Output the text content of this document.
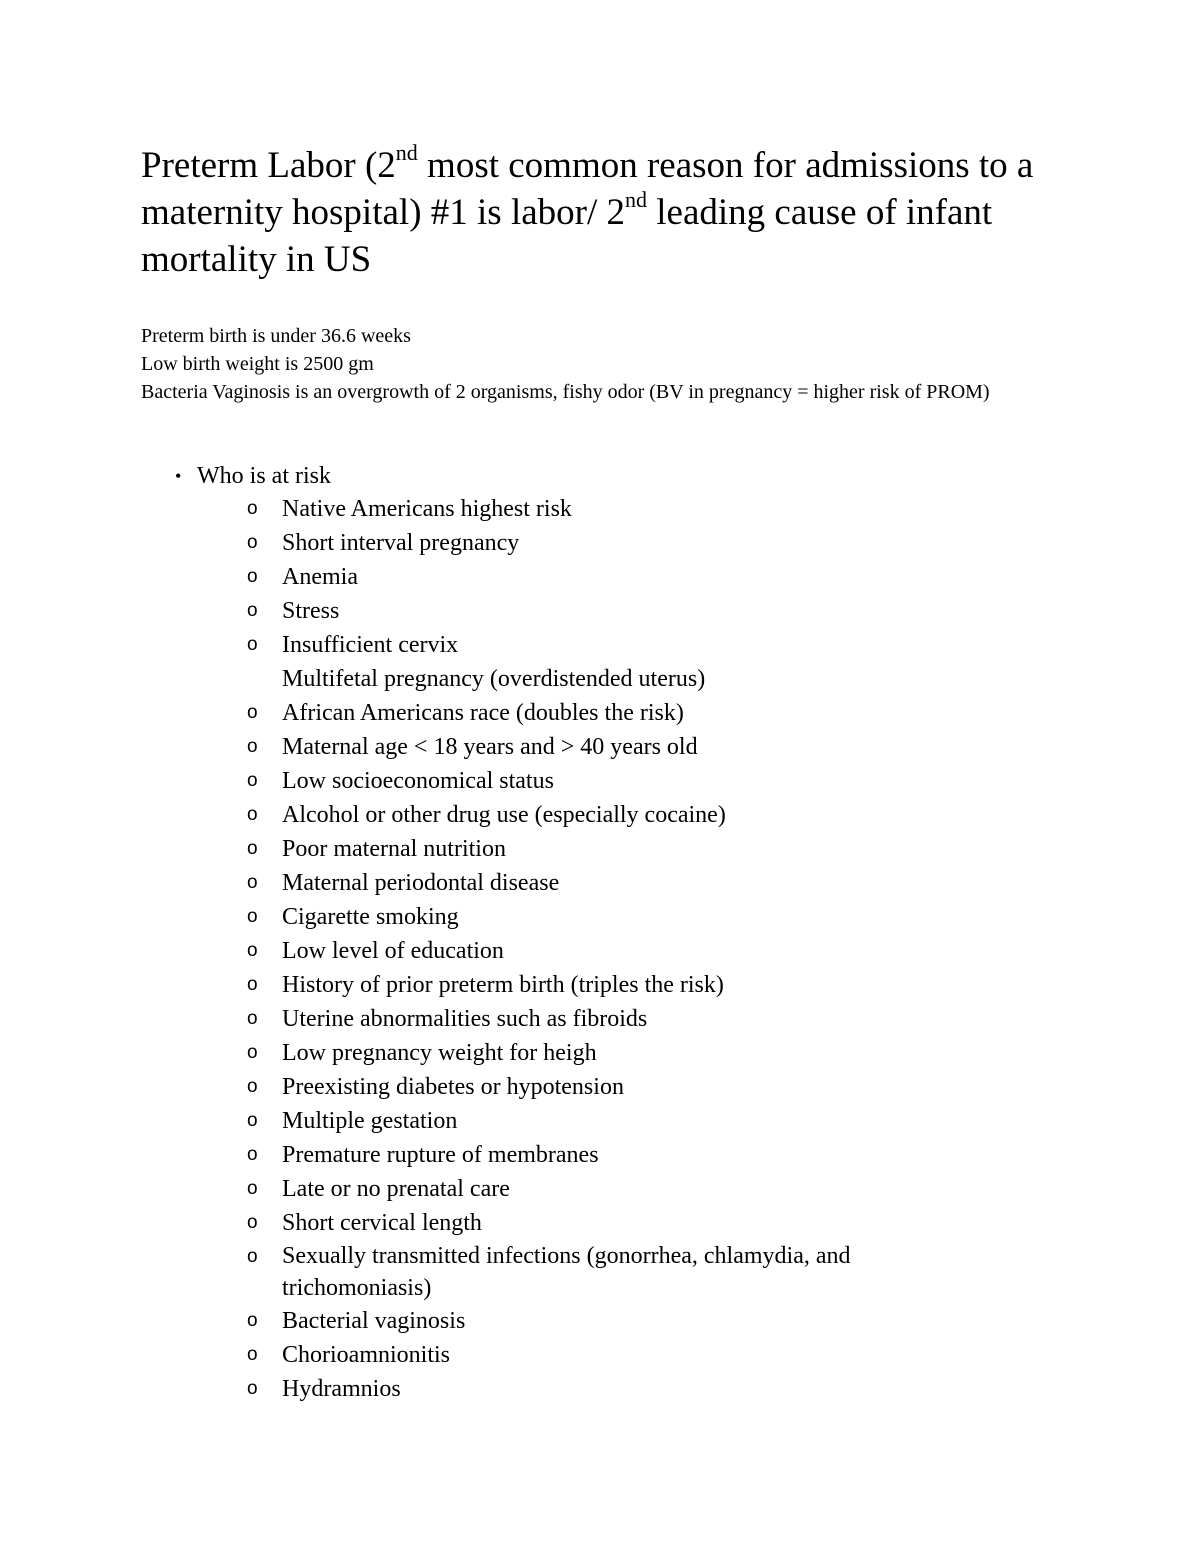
Preterm Labor (2nd most common reason for admissions to a maternity hospital) #1 is labor/ 2nd leading cause of infant mortality in US

Preterm birth is under 36.6 weeks

Low birth weight is 2500 gm

Bacteria Vaginosis is an overgrowth of 2 organisms, fishy odor (BV in pregnancy = higher risk of PROM)

• Who is at risk
o Native Americans highest risk
o Short interval pregnancy
o Anemia
o Stress
o Insufficient cervix
Multifetal pregnancy (overdistended uterus)
o African Americans race (doubles the risk)
o Maternal age < 18 years and > 40 years old
o Low socioeconomical status
o Alcohol or other drug use (especially cocaine)
o Poor maternal nutrition
o Maternal periodontal disease
o Cigarette smoking
o Low level of education
o History of prior preterm birth (triples the risk)
o Uterine abnormalities such as fibroids
o Low pregnancy weight for heigh
o Preexisting diabetes or hypotension
o Multiple gestation
o Premature rupture of membranes
o Late or no prenatal care
o Short cervical length
o Sexually transmitted infections (gonorrhea, chlamydia, and
trichomoniasis)
o Bacterial vaginosis
o Chorioamnionitis
o Hydramnios
